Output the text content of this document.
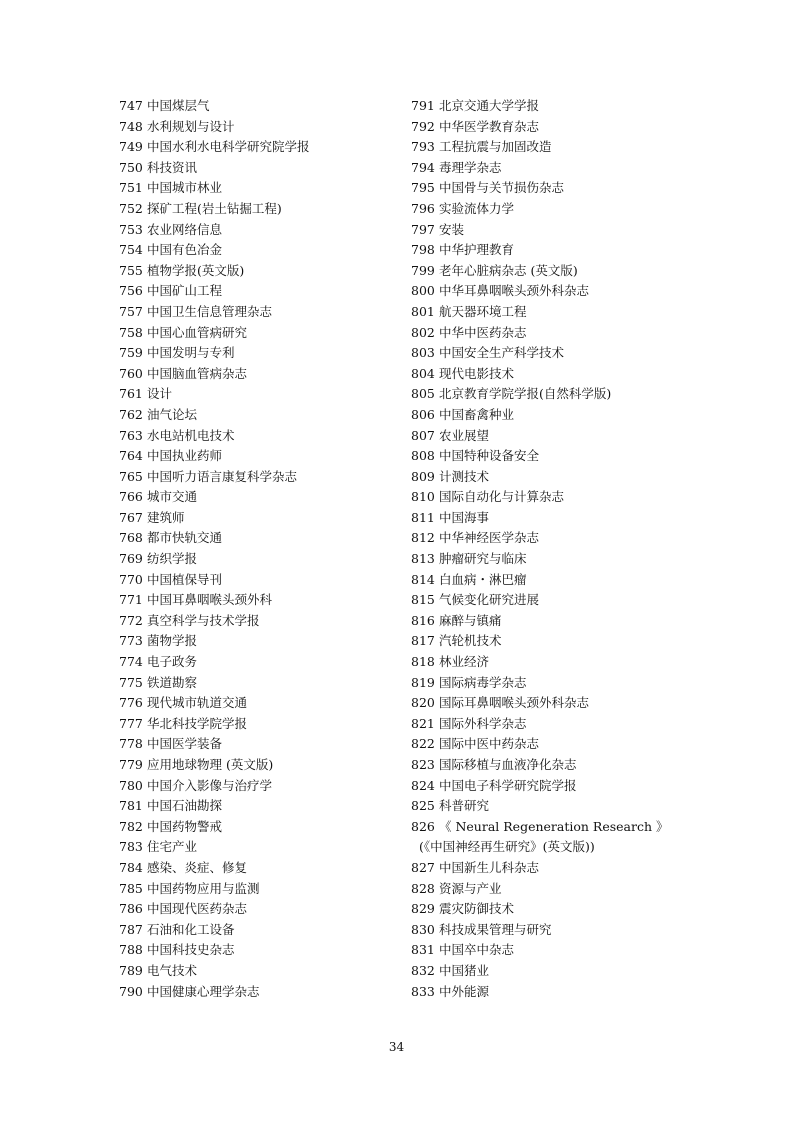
747 中国煤层气
748 水利规划与设计
749 中国水利水电科学研究院学报
750 科技资讯
751 中国城市林业
752 探矿工程(岩土钻掘工程)
753 农业网络信息
754 中国有色冶金
755 植物学报(英文版)
756 中国矿山工程
757 中国卫生信息管理杂志
758 中国心血管病研究
759 中国发明与专利
760 中国脑血管病杂志
761 设计
762 油气论坛
763 水电站机电技术
764 中国执业药师
765 中国听力语言康复科学杂志
766 城市交通
767 建筑师
768 都市快轨交通
769 纺织学报
770 中国植保导刊
771 中国耳鼻咽喉头颈外科
772 真空科学与技术学报
773 菌物学报
774 电子政务
775 铁道勘察
776 现代城市轨道交通
777 华北科技学院学报
778 中国医学装备
779 应用地球物理 (英文版)
780 中国介入影像与治疗学
781 中国石油勘探
782 中国药物警戒
783 住宅产业
784 感染、炎症、修复
785 中国药物应用与监测
786 中国现代医药杂志
787 石油和化工设备
788 中国科技史杂志
789 电气技术
790 中国健康心理学杂志
791 北京交通大学学报
792 中华医学教育杂志
793 工程抗震与加固改造
794 毒理学杂志
795 中国骨与关节损伤杂志
796 实验流体力学
797 安装
798 中华护理教育
799 老年心脏病杂志 (英文版)
800 中华耳鼻咽喉头颈外科杂志
801 航天器环境工程
802 中华中医药杂志
803 中国安全生产科学技术
804 现代电影技术
805 北京教育学院学报(自然科学版)
806 中国畜禽种业
807 农业展望
808 中国特种设备安全
809 计测技术
810 国际自动化与计算杂志
811 中国海事
812 中华神经医学杂志
813 肿瘤研究与临床
814 白血病・淋巴瘤
815 气候变化研究进展
816 麻醉与镇痛
817 汽轮机技术
818 林业经济
819 国际病毒学杂志
820 国际耳鼻咽喉头颈外科杂志
821 国际外科学杂志
822 国际中医中药杂志
823 国际移植与血液净化杂志
824 中国电子科学研究院学报
825 科普研究
826 《 Neural Regeneration Research 》
(《中国神经再生研究》(英文版))
827 中国新生儿科杂志
828 资源与产业
829 震灾防御技术
830 科技成果管理与研究
831 中国卒中杂志
832 中国猪业
833 中外能源
34
